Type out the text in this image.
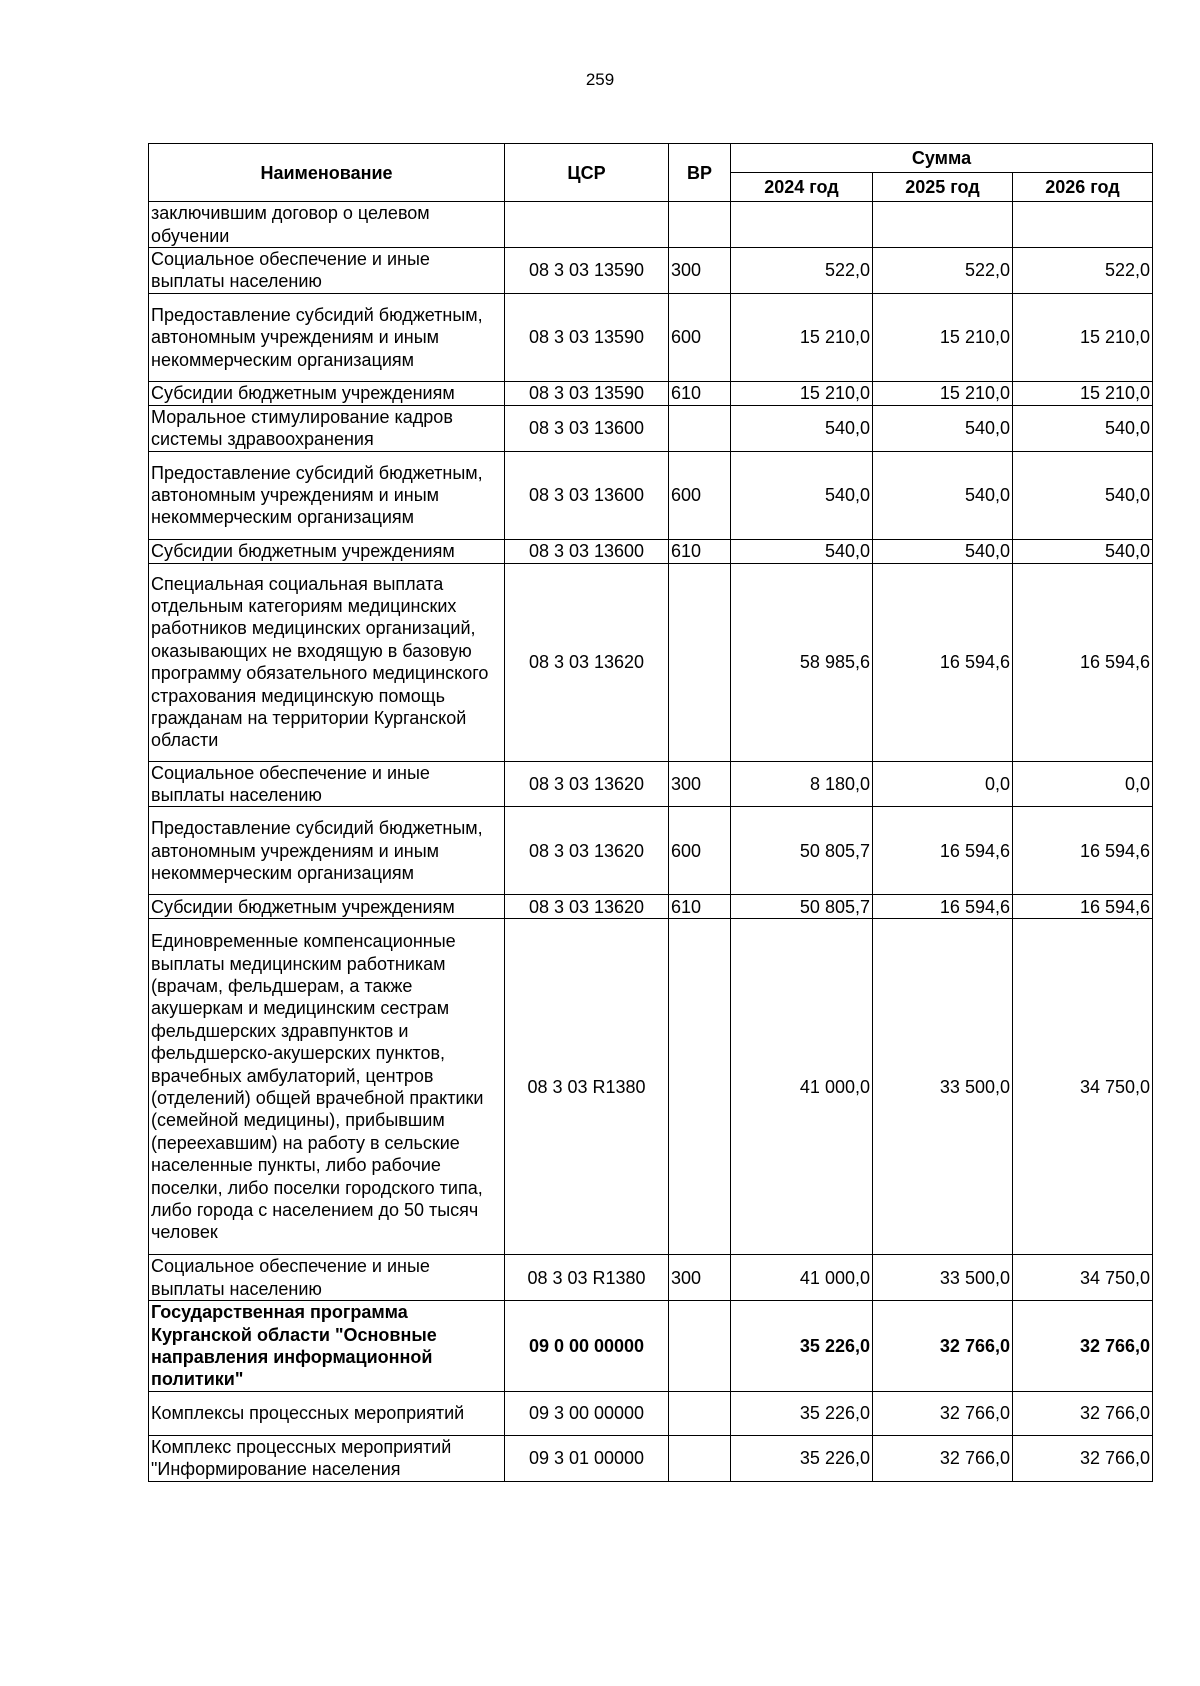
259
Наименование	ЦСР	ВР	Сумма		
			2024 год	2025 год	2026 год
заключившим договор о целевом обучении					
Социальное обеспечение и иные выплаты населению	08 3 03 13590	300	522,0	522,0	522,0
Предоставление субсидий бюджетным, автономным учреждениям и иным некоммерческим организациям	08 3 03 13590	600	15 210,0	15 210,0	15 210,0
Субсидии бюджетным учреждениям	08 3 03 13590	610	15 210,0	15 210,0	15 210,0
Моральное стимулирование кадров системы здравоохранения	08 3 03 13600		540,0	540,0	540,0
Предоставление субсидий бюджетным, автономным учреждениям и иным некоммерческим организациям	08 3 03 13600	600	540,0	540,0	540,0
Субсидии бюджетным учреждениям	08 3 03 13600	610	540,0	540,0	540,0
Специальная социальная выплата отдельным категориям медицинских работников медицинских организаций, оказывающих не входящую в базовую программу обязательного медицинского страхования медицинскую помощь гражданам на территории Курганской области	08 3 03 13620		58 985,6	16 594,6	16 594,6
Социальное обеспечение и иные выплаты населению	08 3 03 13620	300	8 180,0	0,0	0,0
Предоставление субсидий бюджетным, автономным учреждениям и иным некоммерческим организациям	08 3 03 13620	600	50 805,7	16 594,6	16 594,6
Субсидии бюджетным учреждениям	08 3 03 13620	610	50 805,7	16 594,6	16 594,6
Единовременные компенсационные выплаты медицинским работникам (врачам, фельдшерам, а также акушеркам и медицинским сестрам фельдшерских здравпунктов и фельдшерско-акушерских пунктов, врачебных амбулаторий, центров (отделений) общей врачебной практики (семейной медицины), прибывшим (переехавшим) на работу в сельские населенные пункты, либо рабочие поселки, либо поселки городского типа, либо города с населением до 50 тысяч человек	08 3 03 R1380		41 000,0	33 500,0	34 750,0
Социальное обеспечение и иные выплаты населению	08 3 03 R1380	300	41 000,0	33 500,0	34 750,0
Государственная программа Курганской области "Основные направления информационной политики"	09 0 00 00000		35 226,0	32 766,0	32 766,0
Комплексы процессных мероприятий	09 3 00 00000		35 226,0	32 766,0	32 766,0
Комплекс процессных мероприятий "Информирование населения	09 3 01 00000		35 226,0	32 766,0	32 766,0
